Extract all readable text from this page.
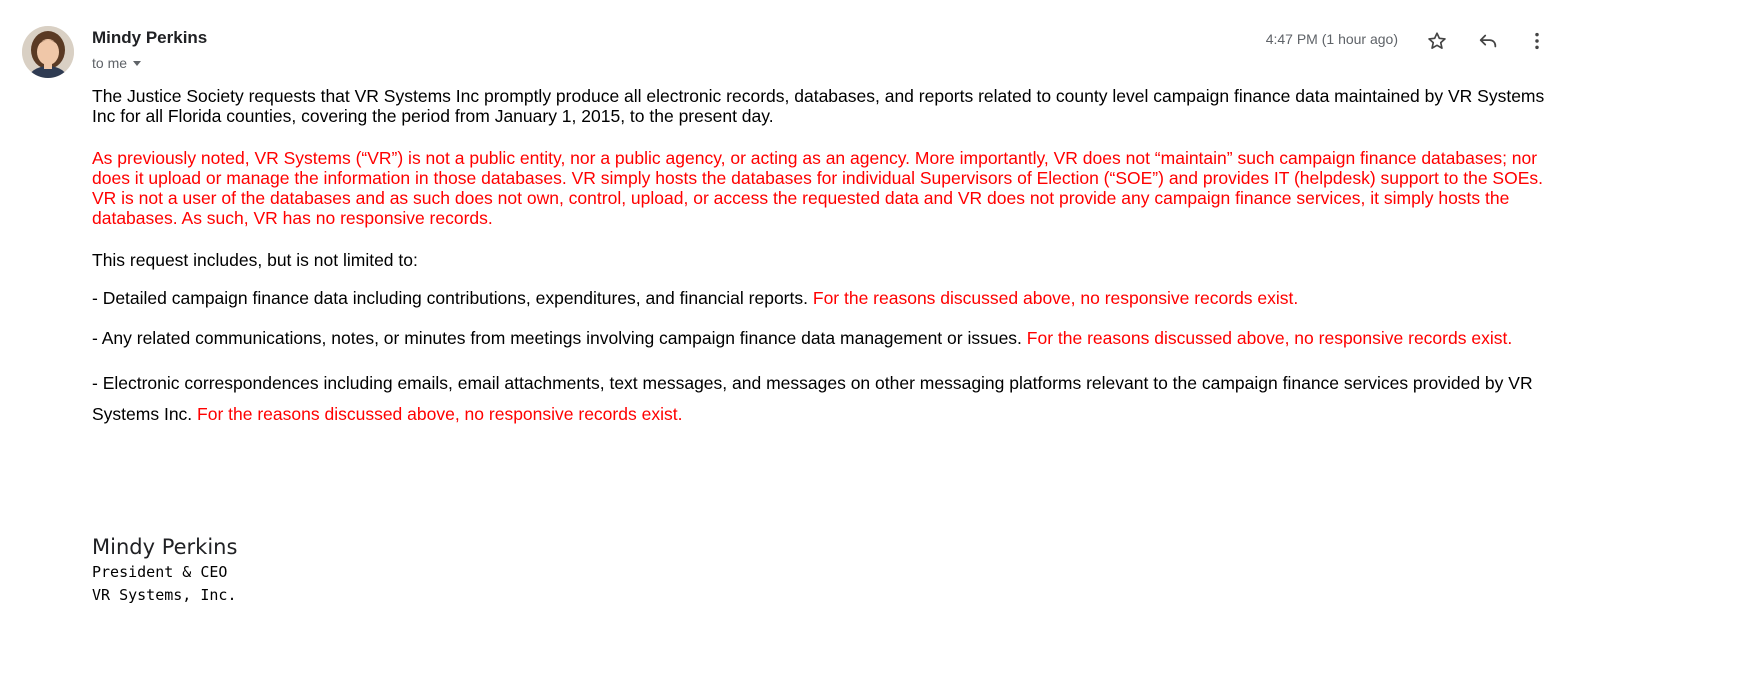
Mindy Perkins
to me
4:47 PM (1 hour ago)

The Justice Society requests that VR Systems Inc promptly produce all electronic records, databases, and reports related to county level campaign finance data maintained by VR Systems Inc for all Florida counties, covering the period from January 1, 2015, to the present day.

As previously noted, VR Systems (“VR”) is not a public entity, nor a public agency, or acting as an agency. More importantly, VR does not “maintain” such campaign finance databases; nor does it upload or manage the information in those databases. VR simply hosts the databases for individual Supervisors of Election (“SOE”) and provides IT (helpdesk) support to the SOEs. VR is not a user of the databases and as such does not own, control, upload, or access the requested data and VR does not provide any campaign finance services, it simply hosts the databases. As such, VR has no responsive records.

This request includes, but is not limited to:

- Detailed campaign finance data including contributions, expenditures, and financial reports. For the reasons discussed above, no responsive records exist.

- Any related communications, notes, or minutes from meetings involving campaign finance data management or issues. For the reasons discussed above, no responsive records exist.

- Electronic correspondences including emails, email attachments, text messages, and messages on other messaging platforms relevant to the campaign finance services provided by VR Systems Inc. For the reasons discussed above, no responsive records exist.

Mindy Perkins
President & CEO
VR Systems, Inc.
